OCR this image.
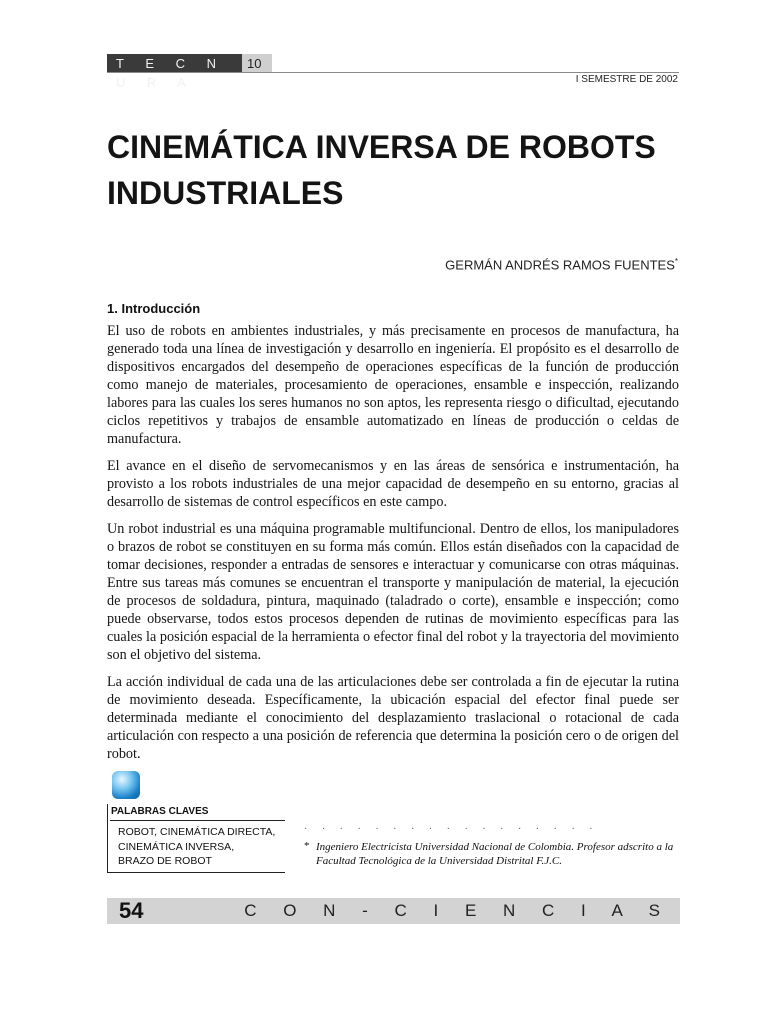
T E C N U R A
10
I SEMESTRE DE 2002
CINEMÁTICA INVERSA DE ROBOTS
INDUSTRIALES
GERMÁN ANDRÉS RAMOS FUENTES*
1. Introducción

El uso de robots en ambientes industriales, y más precisamente en procesos de manufactura, ha generado toda una línea de investigación y desarrollo en ingeniería. El propósito es el desarrollo de dispositivos encargados del desempeño de operaciones específicas de la función de producción como manejo de materiales, procesamiento de operaciones, ensamble e inspección, realizando labores para las cuales los seres humanos no son aptos, les representa riesgo o dificultad, ejecutando ciclos repetitivos y trabajos de ensamble automatizado en líneas de producción o celdas de manufactura.

El avance en el diseño de servomecanismos y en las áreas de sensórica e instrumentación, ha provisto a los robots industriales de una mejor capacidad de desempeño en su entorno, gracias al desarrollo de sistemas de control específicos en este campo.

Un robot industrial es una máquina programable multifuncional. Dentro de ellos, los manipuladores o brazos de robot se constituyen en su forma más común. Ellos están diseñados con la capacidad de tomar decisiones, responder a entradas de sensores e interactuar y comunicarse con otras máquinas. Entre sus tareas más comunes se encuentran el transporte y manipulación de material, la ejecución de procesos de soldadura, pintura, maquinado (taladrado o corte), ensamble e inspección; como puede observarse, todos estos procesos dependen de rutinas de movimiento específicas para las cuales la posición espacial de la herramienta o efector final del robot y la trayectoria del movimiento son el objetivo del sistema.

La acción individual de cada una de las articulaciones debe ser controlada a fin de ejecutar la rutina de movimiento deseada. Específicamente, la ubicación espacial del efector final puede ser determinada mediante el conocimiento del desplazamiento traslacional o rotacional de cada articulación con respecto a una posición de referencia que determina la posición cero o de origen del robot.

PALABRAS CLAVES
ROBOT, CINEMÁTICA DIRECTA,
CINEMÁTICA INVERSA,
BRAZO DE ROBOT
· · · · · · · · · · · · · · · · ·
* Ingeniero Electricista Universidad Nacional de Colombia. Profesor adscrito a la Facultad Tecnológica de la Universidad Distrital F.J.C.

54	C O N - C I E N C I A S
